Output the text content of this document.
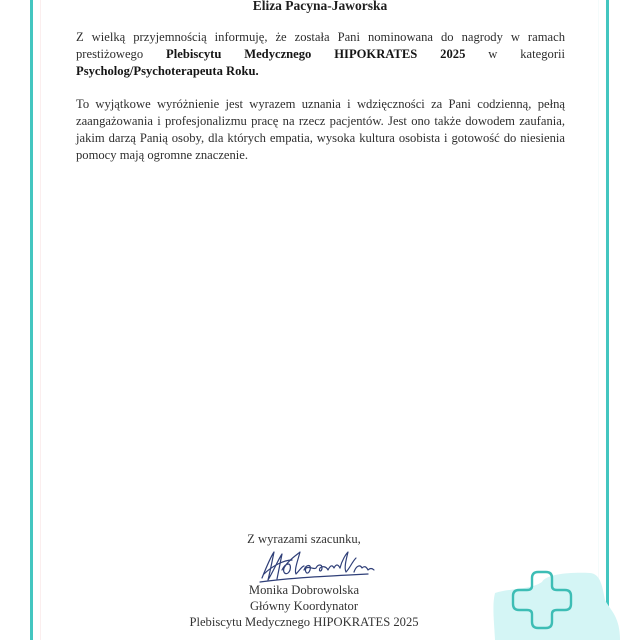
Eliza Pacyna-Jaworska
Z wielką przyjemnością informuję, że została Pani nominowana do nagrody w ramach prestiżowego Plebiscytu Medycznego HIPOKRATES 2025 w kategorii Psycholog/Psychoterapeuta Roku.
To wyjątkowe wyróżnienie jest wyrazem uznania i wdzięczności za Pani codzienną, pełną zaangażowania i profesjonalizmu pracę na rzecz pacjentów. Jest ono także dowodem zaufania, jakim darzą Panią osoby, dla których empatia, wysoka kultura osobista i gotowość do niesienia pomocy mają ogromne znaczenie.
Z wyrazami szacunku,
Monika Dobrowolska
Główny Koordynator
Plebiscytu Medycznego HIPOKRATES 2025
